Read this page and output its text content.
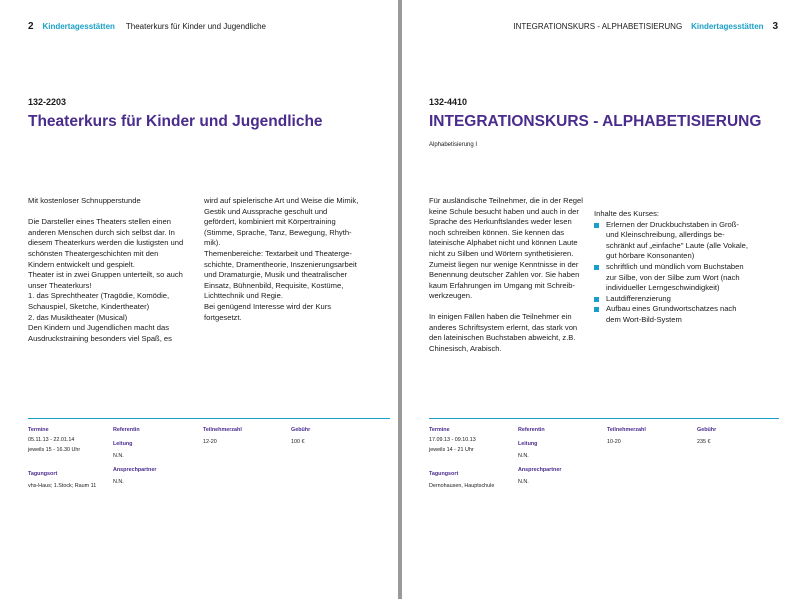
2 Kindertagesstätten Theaterkurs für Kinder und Jugendliche
132-2203
Theaterkurs für Kinder und Jugendliche

Mit kostenloser Schnupperstunde

Die Darsteller eines Theaters stellen einen
anderen Menschen durch sich selbst dar. In
diesem Theaterkurs werden die lustigsten und
schönsten Theatergeschichten mit den
Kindern entwickelt und gespielt.
Theater ist in zwei Gruppen unterteilt, so auch
unser Theaterkurs!
1. das Sprechtheater (Tragödie, Komödie,
Schauspiel, Sketche, Kindertheater)
2. das Musiktheater (Musical)
Den Kindern und Jugendlichen macht das
Ausdruckstraining besonders viel Spaß, es

wird auf spielerische Art und Weise die Mimik,
Gestik und Aussprache geschult und
gefördert, kombiniert mit Körpertraining
(Stimme, Sprache, Tanz, Bewegung, Rhyth-
mik).
Themenbereiche: Textarbeit und Theaterge-
schichte, Dramentheorie, Inszenierungsarbeit
und Dramaturgie, Musik und theatralischer
Einsatz, Bühnenbild, Requisite, Kostüme,
Lichttechnik und Regie.
Bei genügend Interesse wird der Kurs
fortgesetzt.

Termine
05.11.13 - 22.01.14
jeweils 15 - 16.30 Uhr
Tagungsort
vhs-Haus; 1.Stock; Raum 11
Referentin
Leitung
N.N.
Ansprechpartner
N.N.
Teilnehmerzahl
12-20
Gebühr
100 €
INTEGRATIONSKURS - ALPHABETISIERUNG Kindertagesstätten 3
132-4410
INTEGRATIONSKURS - ALPHABETISIERUNG
Alphabetisierung I

Für ausländische Teilnehmer, die in der Regel
keine Schule besucht haben und auch in der
Sprache des Herkunftslandes weder lesen
noch schreiben können. Sie kennen das
lateinische Alphabet nicht und können Laute
nicht zu Silben und Wörtern synthetisieren.
Zumeist liegen nur wenige Kenntnisse in der
Benennung deutscher Zahlen vor. Sie haben
kaum Erfahrungen im Umgang mit Schreib-
werkzeugen.

In einigen Fällen haben die Teilnehmer ein
anderes Schriftsystem erlernt, das stark von
den lateinischen Buchstaben abweicht, z.B.
Chinesisch, Arabisch.

Inhalte des Kurses:

Erlernen der Druckbuchstaben in Groß-
und Kleinschreibung, allerdings be-
schränkt auf „einfache" Laute (alle Vokale,
gut hörbare Konsonanten)

schriftlich und mündlich vom Buchstaben
zur Silbe, von der Silbe zum Wort (nach
individueller Lerngeschwindigkeit)

Lautdifferenzierung

Aufbau eines Grundwortschatzes nach
dem Wort-Bild-System

Termine
17.09.13 - 09.10.13
jeweils 14 - 21 Uhr
Tagungsort
Dernohausen, Hauptschule
Referentin
Leitung
N.N.
Ansprechpartner
N.N.
Teilnehmerzahl
10-20
Gebühr
235 €
